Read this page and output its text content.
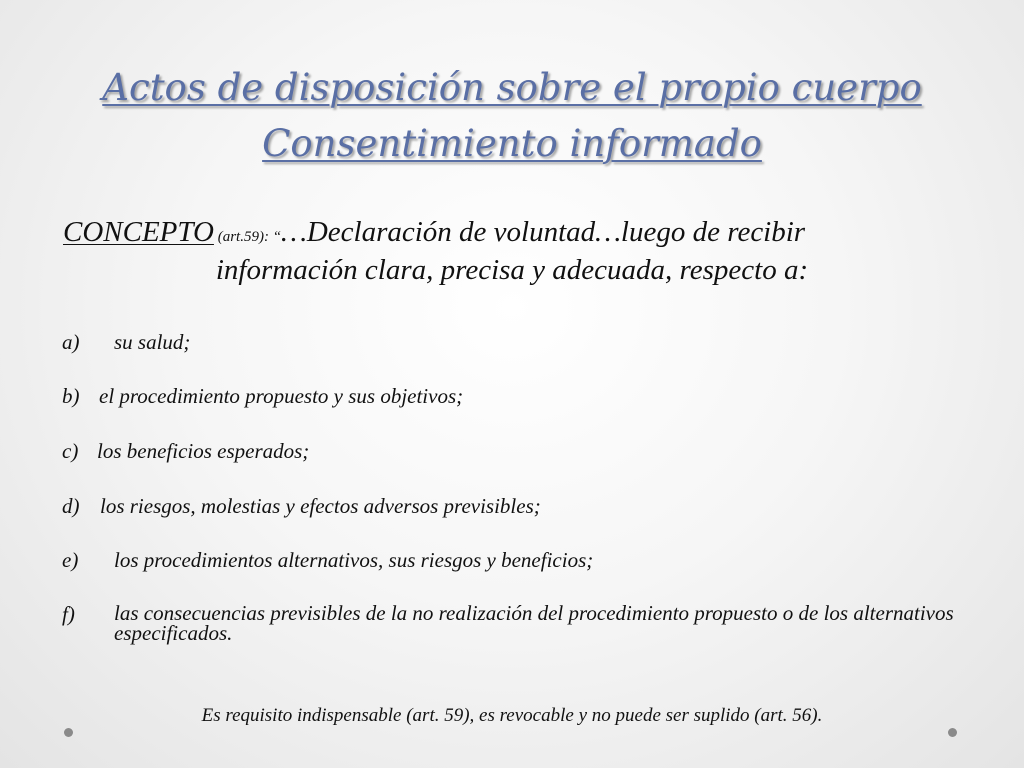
Actos de disposición sobre el propio cuerpo
Consentimiento informado
CONCEPTO (art.59): “…Declaración de voluntad…luego de recibir
información clara, precisa y adecuada, respecto a:
a) su salud;
b) el procedimiento propuesto y sus objetivos;
c) los beneficios esperados;
d) los riesgos, molestias y efectos adversos previsibles;
e) los procedimientos alternativos, sus riesgos y beneficios;
f) las consecuencias previsibles de la no realización del procedimiento propuesto o de los alternativos especificados.
Es requisito indispensable (art. 59), es revocable y no puede ser suplido (art. 56).
